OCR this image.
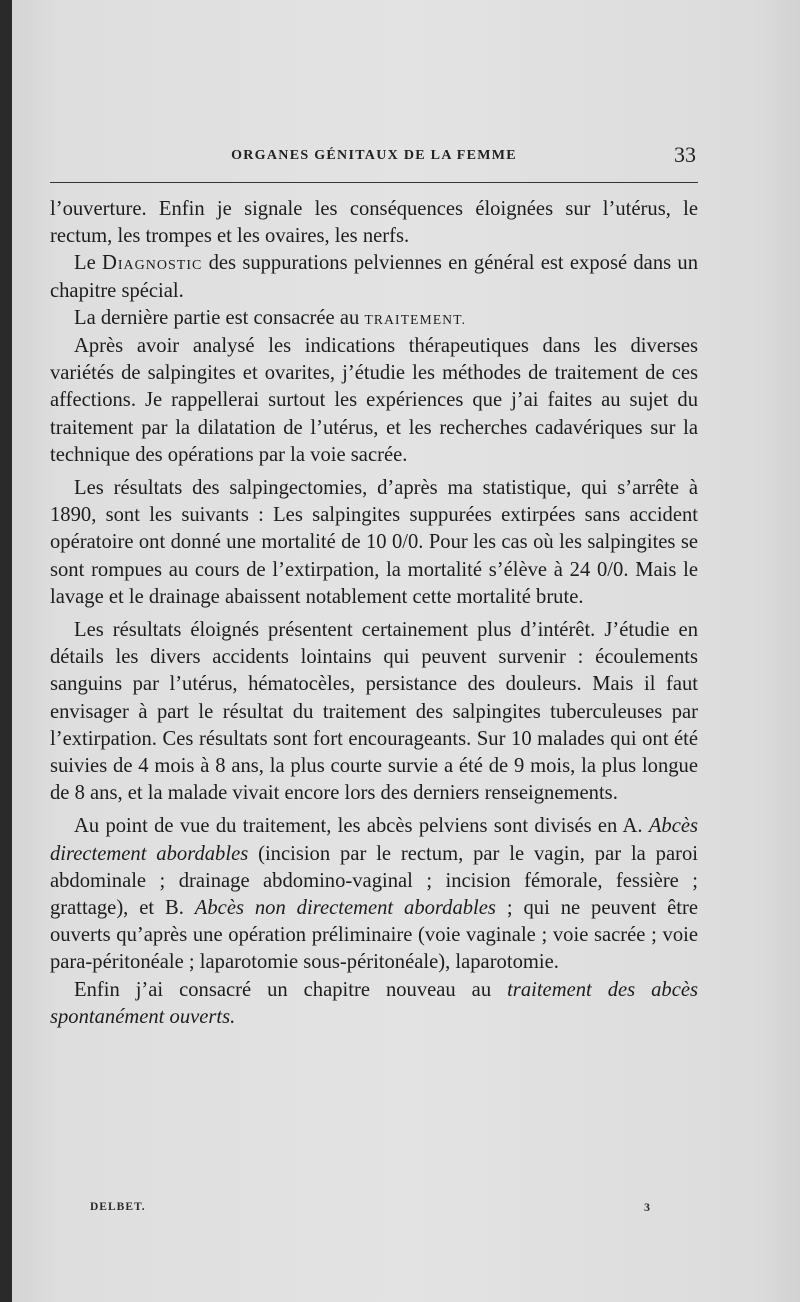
ORGANES GÉNITAUX DE LA FEMME	33

l’ouverture. Enfin je signale les conséquences éloignées sur l’utérus, le rectum, les trompes et les ovaires, les nerfs.

Le Diagnostic des suppurations pelviennes en général est exposé dans un chapitre spécial.

La dernière partie est consacrée au TRAITEMENT.

Après avoir analysé les indications thérapeutiques dans les diverses variétés de salpingites et ovarites, j’étudie les méthodes de traitement de ces affections. Je rappellerai surtout les expériences que j’ai faites au sujet du traitement par la dilatation de l’utérus, et les recherches cadavériques sur la technique des opérations par la voie sacrée.

Les résultats des salpingectomies, d’après ma statistique, qui s’arrête à 1890, sont les suivants : Les salpingites suppurées extirpées sans accident opératoire ont donné une mortalité de 10 0/0. Pour les cas où les salpingites se sont rompues au cours de l’extirpation, la mortalité s’élève à 24 0/0. Mais le lavage et le drainage abaissent notablement cette mortalité brute.

Les résultats éloignés présentent certainement plus d’intérêt. J’étudie en détails les divers accidents lointains qui peuvent survenir : écoulements sanguins par l’utérus, hématocèles, persistance des douleurs. Mais il faut envisager à part le résultat du traitement des salpingites tuberculeuses par l’extirpation. Ces résultats sont fort encourageants. Sur 10 malades qui ont été suivies de 4 mois à 8 ans, la plus courte survie a été de 9 mois, la plus longue de 8 ans, et la malade vivait encore lors des derniers renseignements.

Au point de vue du traitement, les abcès pelviens sont divisés en A. Abcès directement abordables (incision par le rectum, par le vagin, par la paroi abdominale ; drainage abdomino-vaginal ; incision fémorale, fessière ; grattage), et B. Abcès non directement abordables ; qui ne peuvent être ouverts qu’après une opération préliminaire (voie vaginale ; voie sacrée ; voie para-péritonéale ; laparotomie sous-péritonéale), laparotomie.

Enfin j’ai consacré un chapitre nouveau au traitement des abcès spontanément ouverts.

DELBET.	3
